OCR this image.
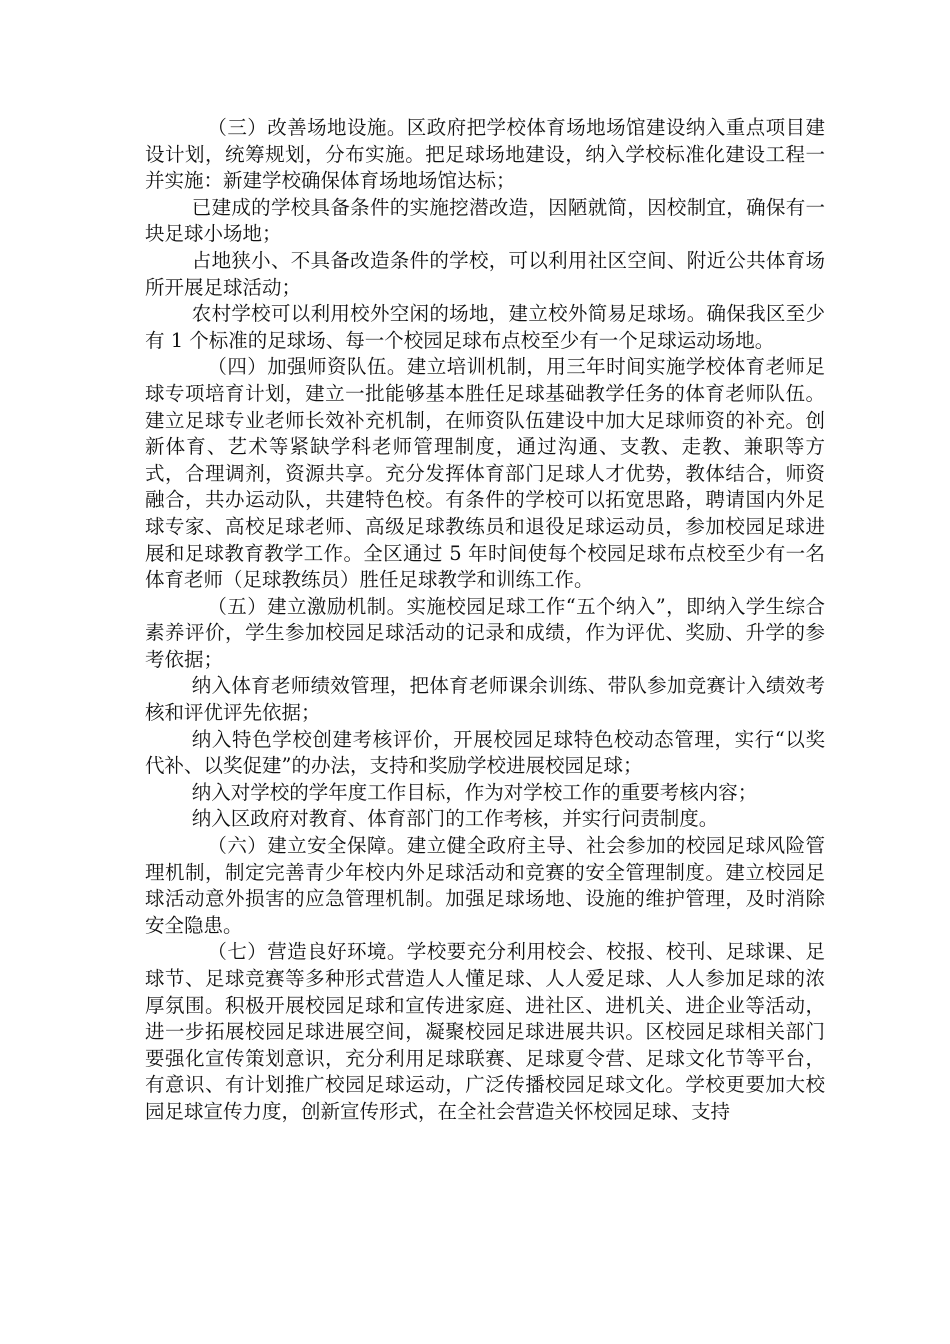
（三）改善场地设施。区政府把学校体育场地场馆建设纳入重点项目建设计划，统筹规划，分布实施。把足球场地建设，纳入学校标准化建设工程一并实施：新建学校确保体育场地场馆达标；

已建成的学校具备条件的实施挖潜改造，因陋就简，因校制宜，确保有一块足球小场地；

占地狭小、不具备改造条件的学校，可以利用社区空间、附近公共体育场所开展足球活动；

农村学校可以利用校外空闲的场地，建立校外简易足球场。确保我区至少有 1 个标准的足球场、每一个校园足球布点校至少有一个足球运动场地。

（四）加强师资队伍。建立培训机制，用三年时间实施学校体育老师足球专项培育计划，建立一批能够基本胜任足球基础教学任务的体育老师队伍。建立足球专业老师长效补充机制，在师资队伍建设中加大足球师资的补充。创新体育、艺术等紧缺学科老师管理制度，通过沟通、支教、走教、兼职等方式，合理调剂，资源共享。充分发挥体育部门足球人才优势，教体结合，师资融合，共办运动队，共建特色校。有条件的学校可以拓宽思路，聘请国内外足球专家、高校足球老师、高级足球教练员和退役足球运动员，参加校园足球进展和足球教育教学工作。全区通过 5 年时间使每个校园足球布点校至少有一名体育老师（足球教练员）胜任足球教学和训练工作。

（五）建立激励机制。实施校园足球工作“五个纳入”，即纳入学生综合素养评价，学生参加校园足球活动的记录和成绩，作为评优、奖励、升学的参考依据；

纳入体育老师绩效管理，把体育老师课余训练、带队参加竞赛计入绩效考核和评优评先依据；

纳入特色学校创建考核评价，开展校园足球特色校动态管理，实行“以奖代补、以奖促建”的办法，支持和奖励学校进展校园足球；

纳入对学校的学年度工作目标，作为对学校工作的重要考核内容；

纳入区政府对教育、体育部门的工作考核，并实行问责制度。

（六）建立安全保障。建立健全政府主导、社会参加的校园足球风险管理机制，制定完善青少年校内外足球活动和竞赛的安全管理制度。建立校园足球活动意外损害的应急管理机制。加强足球场地、设施的维护管理，及时消除安全隐患。

（七）营造良好环境。学校要充分利用校会、校报、校刊、足球课、足球节、足球竞赛等多种形式营造人人懂足球、人人爱足球、人人参加足球的浓厚氛围。积极开展校园足球和宣传进家庭、进社区、进机关、进企业等活动，进一步拓展校园足球进展空间，凝聚校园足球进展共识。区校园足球相关部门要强化宣传策划意识，充分利用足球联赛、足球夏令营、足球文化节等平台，有意识、有计划推广校园足球运动，广泛传播校园足球文化。学校更要加大校园足球宣传力度，创新宣传形式，在全社会营造关怀校园足球、支持
